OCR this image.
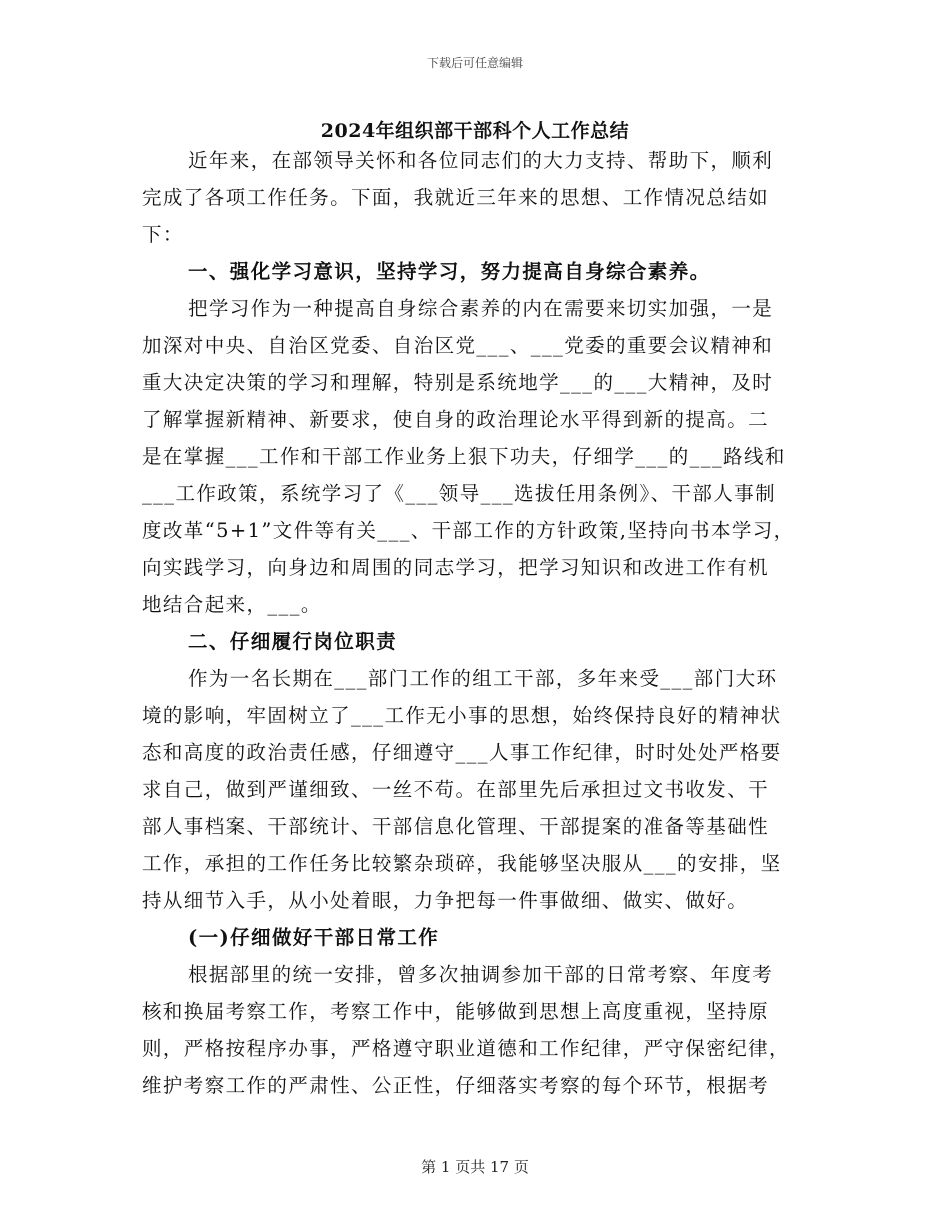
下载后可任意编辑
2024年组织部干部科个人工作总结
近年来，在部领导关怀和各位同志们的大力支持、帮助下，顺利
完成了各项工作任务。下面，我就近三年来的思想、工作情况总结如
下：
一、强化学习意识，坚持学习，努力提高自身综合素养。
把学习作为一种提高自身综合素养的内在需要来切实加强，一是
加深对中央、自治区党委、自治区党___、___党委的重要会议精神和
重大决定决策的学习和理解，特别是系统地学___的___大精神，及时
了解掌握新精神、新要求，使自身的政治理论水平得到新的提高。二
是在掌握___工作和干部工作业务上狠下功夫，仔细学___的___路线和
___工作政策，系统学习了《___领导___选拔任用条例》、干部人事制
度改革“5+1”文件等有关___、干部工作的方针政策,坚持向书本学习，
向实践学习，向身边和周围的同志学习，把学习知识和改进工作有机
地结合起来，___。
二、仔细履行岗位职责
作为一名长期在___部门工作的组工干部，多年来受___部门大环
境的影响，牢固树立了___工作无小事的思想，始终保持良好的精神状
态和高度的政治责任感，仔细遵守___人事工作纪律，时时处处严格要
求自己，做到严谨细致、一丝不苟。在部里先后承担过文书收发、干
部人事档案、干部统计、干部信息化管理、干部提案的准备等基础性
工作，承担的工作任务比较繁杂琐碎，我能够坚决服从___的安排，坚
持从细节入手，从小处着眼，力争把每一件事做细、做实、做好。
(一)仔细做好干部日常工作
根据部里的统一安排，曾多次抽调参加干部的日常考察、年度考
核和换届考察工作，考察工作中，能够做到思想上高度重视，坚持原
则，严格按程序办事，严格遵守职业道德和工作纪律，严守保密纪律，
维护考察工作的严肃性、公正性，仔细落实考察的每个环节，根据考
第 1 页共 17 页
